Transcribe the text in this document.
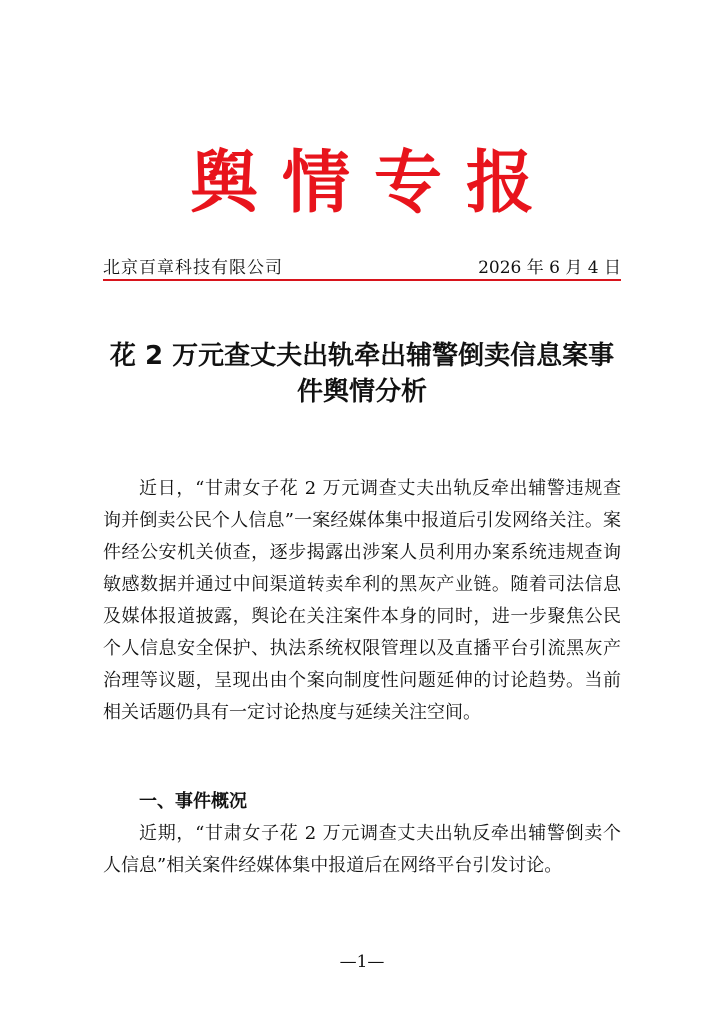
舆情专报
北京百章科技有限公司	2026 年 6 月 4 日
花 2 万元查丈夫出轨牵出辅警倒卖信息案事件舆情分析

近日，“甘肃女子花 2 万元调查丈夫出轨反牵出辅警违规查询并倒卖公民个人信息”一案经媒体集中报道后引发网络关注。案件经公安机关侦查，逐步揭露出涉案人员利用办案系统违规查询敏感数据并通过中间渠道转卖牟利的黑灰产业链。随着司法信息及媒体报道披露，舆论在关注案件本身的同时，进一步聚焦公民个人信息安全保护、执法系统权限管理以及直播平台引流黑灰产治理等议题，呈现出由个案向制度性问题延伸的讨论趋势。当前相关话题仍具有一定讨论热度与延续关注空间。

一、事件概况

近期，“甘肃女子花 2 万元调查丈夫出轨反牵出辅警倒卖个人信息”相关案件经媒体集中报道后在网络平台引发讨论。

—1—
